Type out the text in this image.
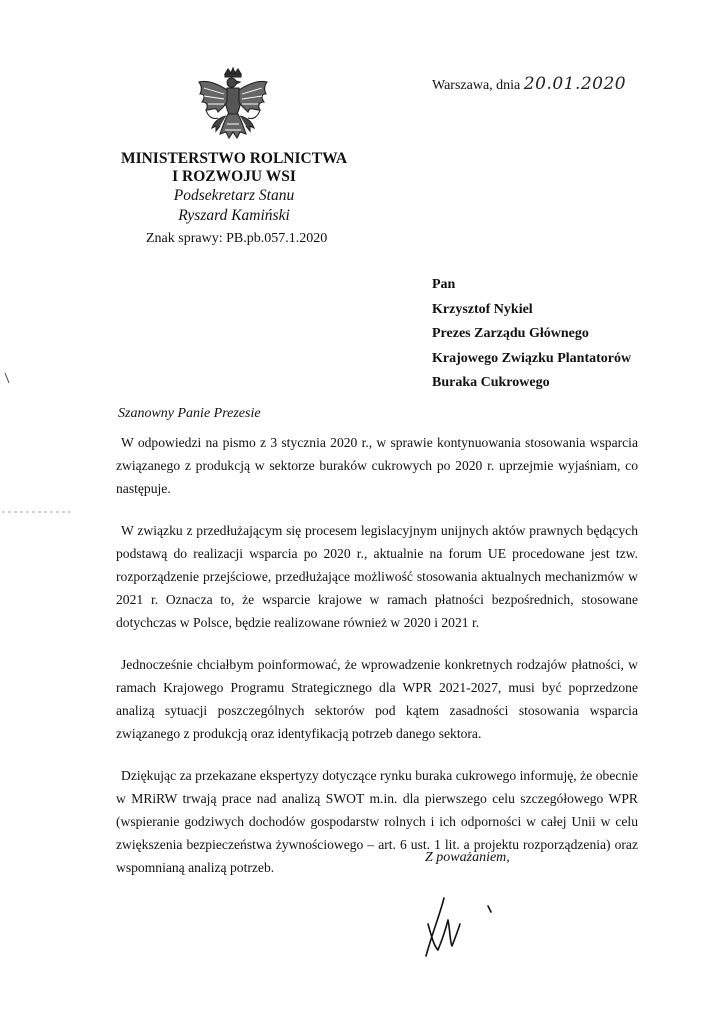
MINISTERSTWO ROLNICTWA
I ROZWOJU WSI
Podsekretarz Stanu
Ryszard Kamiński
Znak sprawy: PB.pb.057.1.2020
Warszawa, dnia 20.01.2020
Pan
Krzysztof Nykiel
Prezes Zarządu Głównego
Krajowego Związku Plantatorów
Buraka Cukrowego
Szanowny Panie Prezesie

W odpowiedzi na pismo z 3 stycznia 2020 r., w sprawie kontynuowania stosowania wsparcia związanego z produkcją w sektorze buraków cukrowych po 2020 r. uprzejmie wyjaśniam, co następuje.

W związku z przedłużającym się procesem legislacyjnym unijnych aktów prawnych będących podstawą do realizacji wsparcia po 2020 r., aktualnie na forum UE procedowane jest tzw. rozporządzenie przejściowe, przedłużające możliwość stosowania aktualnych mechanizmów w 2021 r. Oznacza to, że wsparcie krajowe w ramach płatności bezpośrednich, stosowane dotychczas w Polsce, będzie realizowane również w 2020 i 2021 r.

Jednocześnie chciałbym poinformować, że wprowadzenie konkretnych rodzajów płatności, w ramach Krajowego Programu Strategicznego dla WPR 2021-2027, musi być poprzedzone analizą sytuacji poszczególnych sektorów pod kątem zasadności stosowania wsparcia związanego z produkcją oraz identyfikacją potrzeb danego sektora.

Dziękując za przekazane ekspertyzy dotyczące rynku buraka cukrowego informuję, że obecnie w MRiRW trwają prace nad analizą SWOT m.in. dla pierwszego celu szczegółowego WPR (wspieranie godziwych dochodów gospodarstw rolnych i ich odporności w całej Unii w celu zwiększenia bezpieczeństwa żywnościowego – art. 6 ust. 1 lit. a projektu rozporządzenia) oraz wspomnianą analizą potrzeb.

Z poważaniem,
